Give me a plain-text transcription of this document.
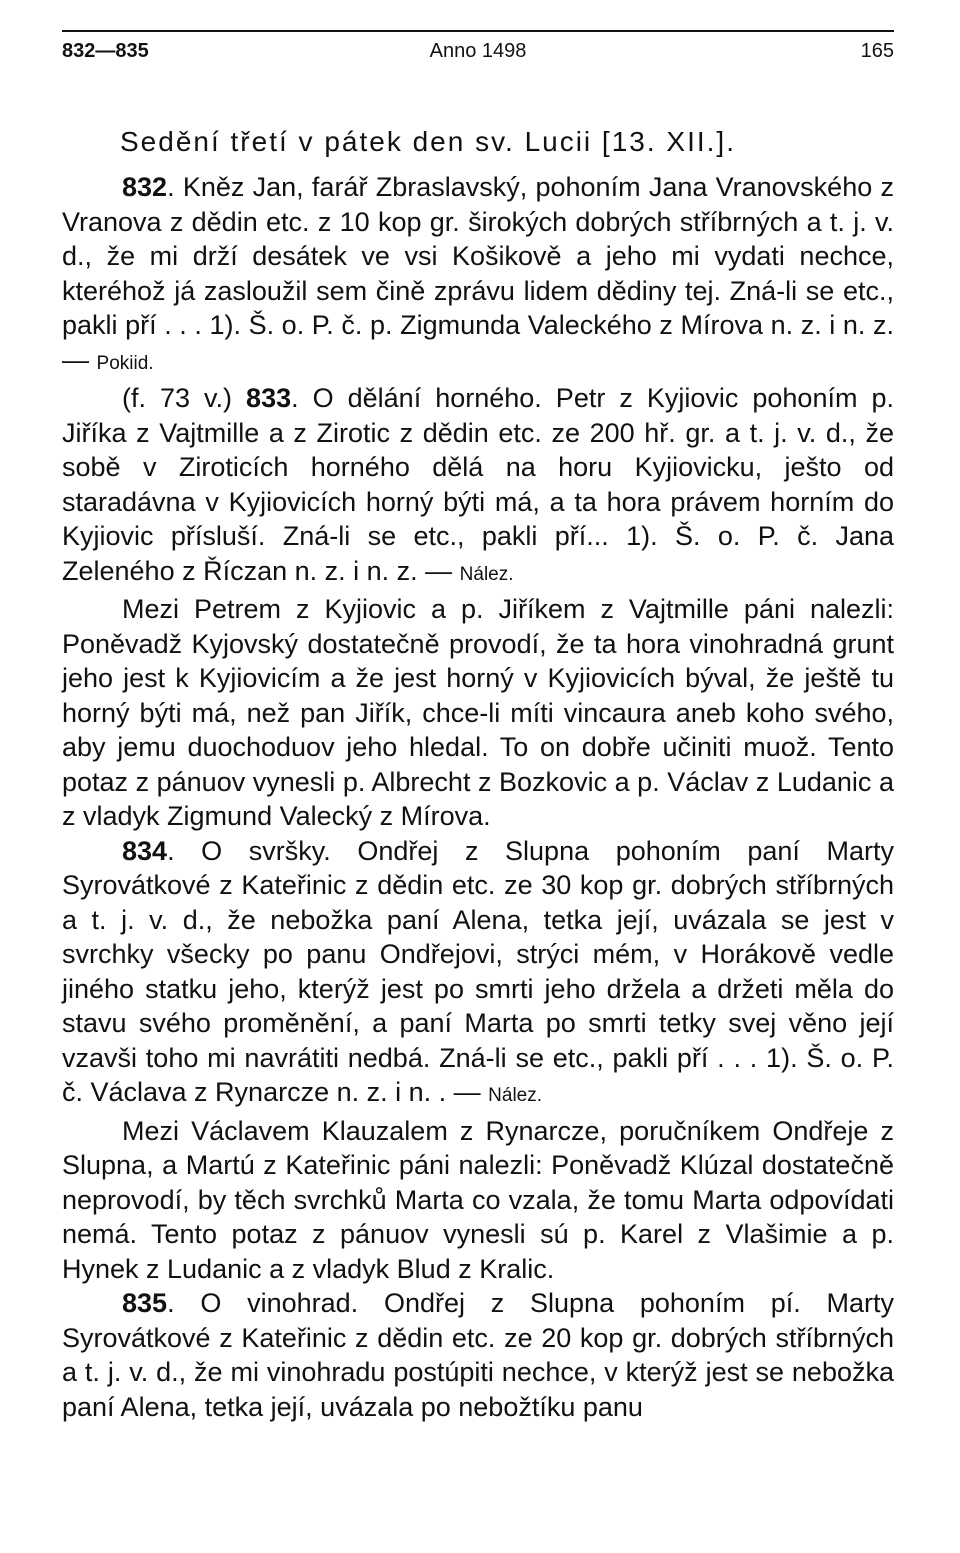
832—835	Anno 1498	165
Sedění třetí v pátek den sv. Lucii [13. XII.].

832. Kněz Jan, farář Zbraslavský, pohoním Jana Vranovského z Vranova z dědin etc. z 10 kop gr. širokých dobrých stříbrných a t. j. v. d., že mi drží desátek ve vsi Košikově a jeho mi vydati nechce, kteréhož já zasloužil sem čině zprávu lidem dědiny tej. Zná-li se etc., pakli pří . . . 1). Š. o. P. č. p. Zigmunda Valeckého z Mírova n. z. i n. z. — Pokiid.

(f. 73 v.) 833. O dělání horného. Petr z Kyjiovic pohoním p. Jiříka z Vajtmille a z Zirotic z dědin etc. ze 200 hř. gr. a t. j. v. d., že sobě v Ziroticích horného dělá na horu Kyjiovicku, ješto od staradávna v Kyjiovicích horný býti má, a ta hora právem horním do Kyjiovic přísluší. Zná-li se etc., pakli pří... 1). Š. o. P. č. Jana Zeleného z Říczan n. z. i n. z. — Nález.

Mezi Petrem z Kyjiovic a p. Jiříkem z Vajtmille páni nalezli: Poněvadž Kyjovský dostatečně provodí, že ta hora vinohradná grunt jeho jest k Kyjiovicím a že jest horný v Kyjiovicích býval, že ještě tu horný býti má, než pan Jiřík, chce-li míti vincaura aneb koho svého, aby jemu duochoduov jeho hledal. To on dobře učiniti muož. Tento potaz z pánuov vynesli p. Albrecht z Bozkovic a p. Václav z Ludanic a z vladyk Zigmund Valecký z Mírova.

834. O svršky. Ondřej z Slupna pohoním paní Marty Syrovátkové z Kateřinic z dědin etc. ze 30 kop gr. dobrých stříbrných a t. j. v. d., že nebožka paní Alena, tetka její, uvázala se jest v svrchky všecky po panu Ondřejovi, strýci mém, v Horákově vedle jiného statku jeho, kterýž jest po smrti jeho držela a držeti měla do stavu svého proměnění, a paní Marta po smrti tetky svej věno její vzavši toho mi navrátiti nedbá. Zná-li se etc., pakli pří . . . 1). Š. o. P. č. Václava z Rynarcze n. z. i n. . — Nález.

Mezi Václavem Klauzalem z Rynarcze, poručníkem Ondřeje z Slupna, a Martú z Kateřinic páni nalezli: Poněvadž Klúzal dostatečně neprovodí, by těch svrchků Marta co vzala, že tomu Marta odpovídati nemá. Tento potaz z pánuov vynesli sú p. Karel z Vlašimie a p. Hynek z Ludanic a z vladyk Blud z Kralic.

835. O vinohrad. Ondřej z Slupna pohoním pí. Marty Syrovátkové z Kateřinic z dědin etc. ze 20 kop gr. dobrých stříbrných a t. j. v. d., že mi vinohradu postúpiti nechce, v kterýž jest se nebožka paní Alena, tetka její, uvázala po nebožtíku panu
